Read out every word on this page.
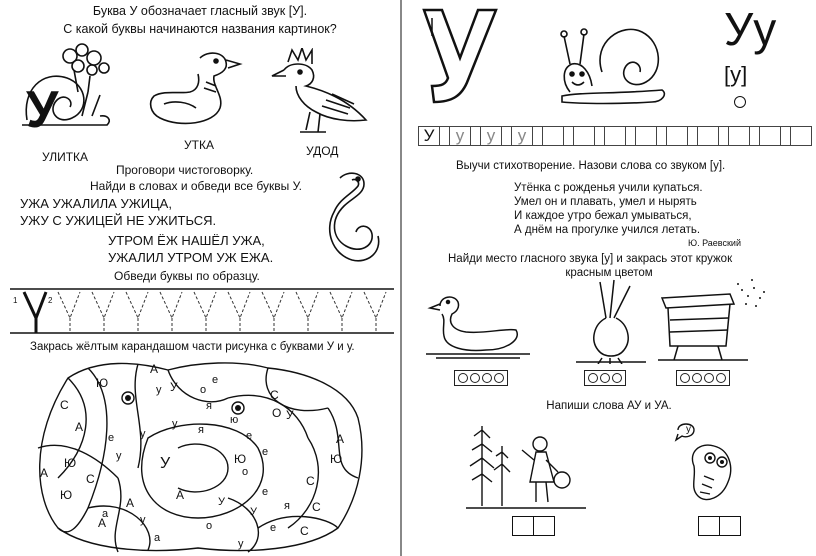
Буква У обозначает гласный звук [У].
С какой буквы начинаются названия картинок?
У
УЛИТКА
УТКА	УДОД
Проговори чистоговорку.
Найди в словах и обведи все буквы У.
УЖА УЖАЛИЛА УЖИЦА,
УЖУ С УЖИЦЕЙ НЕ УЖИТЬСЯ.
УТРОМ ЁЖ НАШЁЛ УЖА,
УЖАЛИЛ УТРОМ УЖ ЕЖА.
Обведи буквы по образцу.
1	2
Закрась жёлтым карандашом части рисунка с буквами У и у.
А
Ю
С
о
у
е
я
У
У
С
А
е у
у	ю
е
я
е
у
Ю	У
С
А
о
А
А
С
У
а	у
Ю
е
я
Ю
С
У
А
а
о
Ю
е
у
С
О
А
Уу
[у]
У	у	у	у
Выучи стихотворение. Назови слова со звуком [у].
Утёнка с рожденья учили купаться.
Умел он и плавать, умел и нырять
И каждое утро бежал умываться,
А днём на прогулке учился летать.
Ю. Раевский
Найди место гласного звука [у] и закрась этот кружок
красным цветом
Напиши слова АУ и УА.
у
